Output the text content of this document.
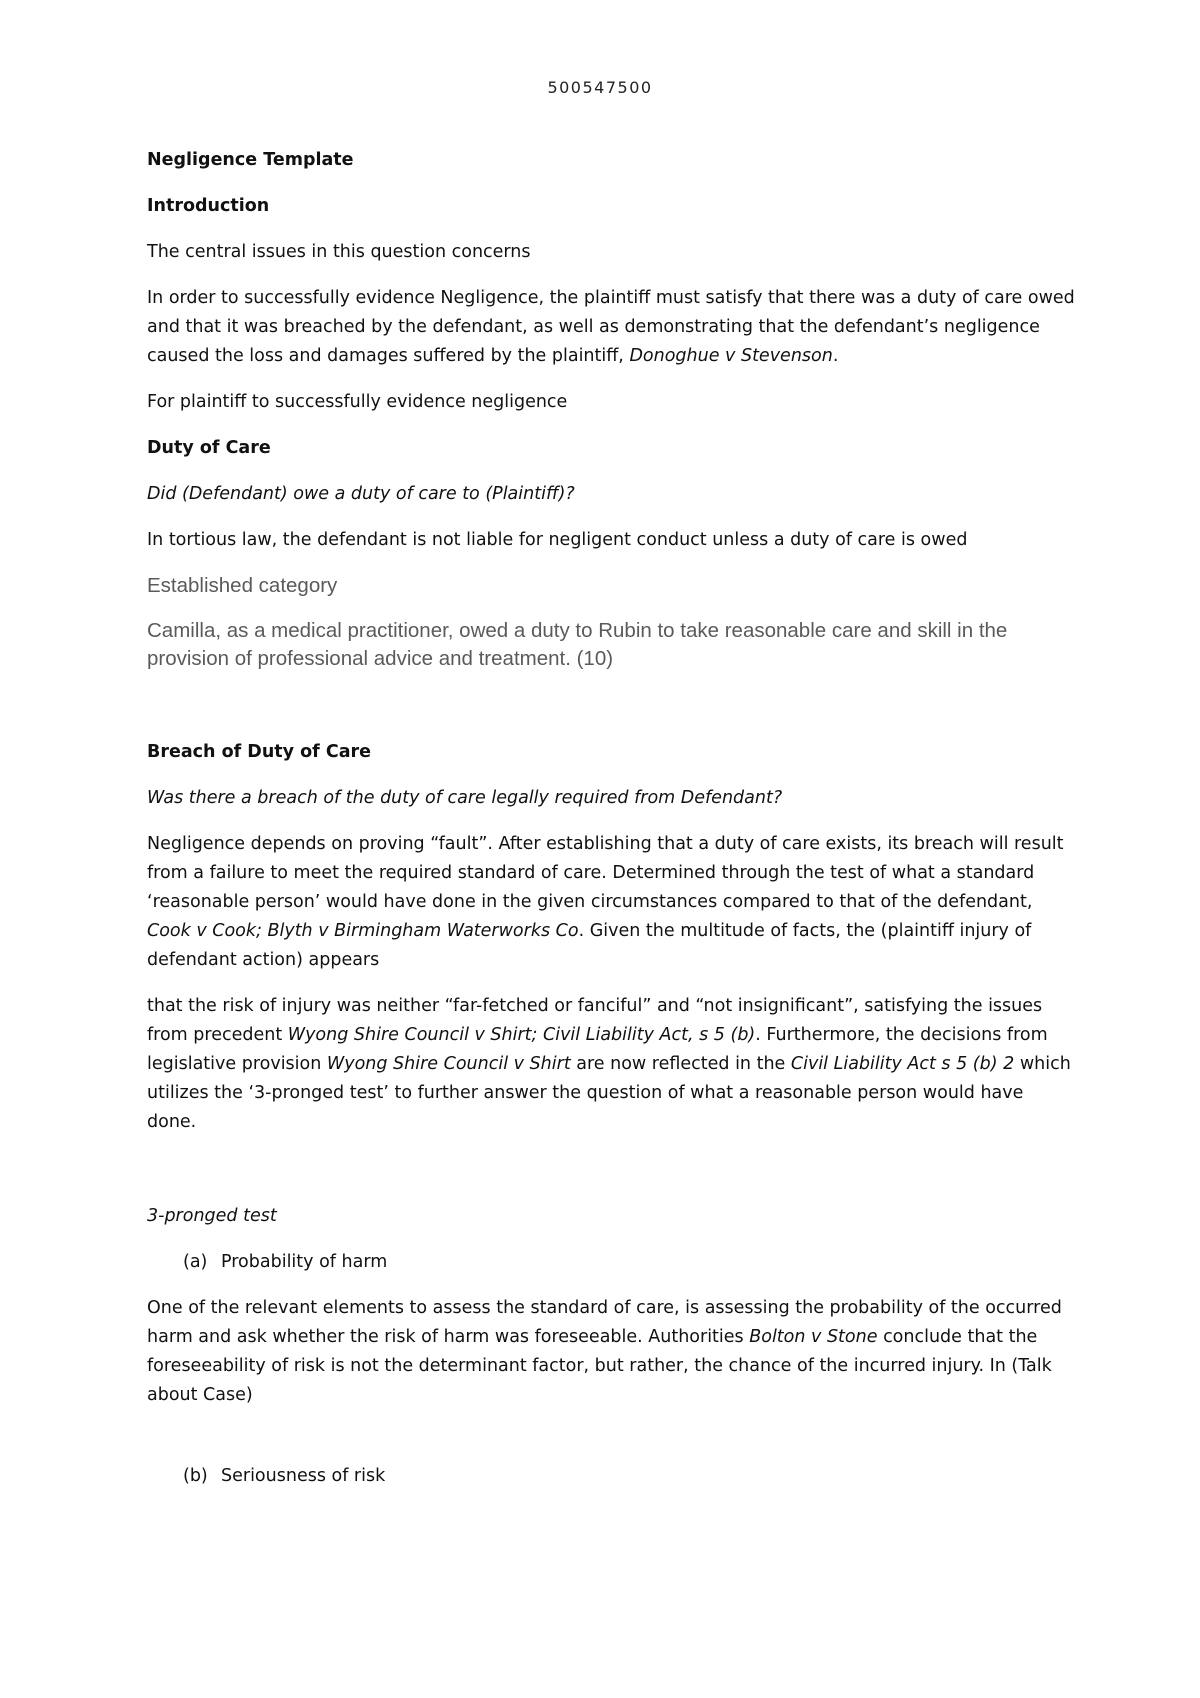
500547500

Negligence Template

Introduction

The central issues in this question concerns

In order to successfully evidence Negligence, the plaintiff must satisfy that there was a duty of care owed and that it was breached by the defendant, as well as demonstrating that the defendant’s negligence caused the loss and damages suffered by the plaintiff, Donoghue v Stevenson.

For plaintiff to successfully evidence negligence

Duty of Care

Did (Defendant) owe a duty of care to (Plaintiff)?

In tortious law, the defendant is not liable for negligent conduct unless a duty of care is owed

Established category

Camilla, as a medical practitioner, owed a duty to Rubin to take reasonable care and skill in the provision of professional advice and treatment. (10)

Breach of Duty of Care

Was there a breach of the duty of care legally required from Defendant?

Negligence depends on proving “fault”. After establishing that a duty of care exists, its breach will result from a failure to meet the required standard of care. Determined through the test of what a standard ‘reasonable person’ would have done in the given circumstances compared to that of the defendant, Cook v Cook; Blyth v Birmingham Waterworks Co. Given the multitude of facts, the (plaintiff injury of defendant action) appears

that the risk of injury was neither “far-fetched or fanciful” and “not insignificant”, satisfying the issues from precedent Wyong Shire Council v Shirt; Civil Liability Act, s 5 (b). Furthermore, the decisions from legislative provision Wyong Shire Council v Shirt are now reflected in the Civil Liability Act s 5 (b) 2 which utilizes the ‘3-pronged test’ to further answer the question of what a reasonable person would have done.

3-pronged test

(a) Probability of harm

One of the relevant elements to assess the standard of care, is assessing the probability of the occurred harm and ask whether the risk of harm was foreseeable. Authorities Bolton v Stone conclude that the foreseeability of risk is not the determinant factor, but rather, the chance of the incurred injury. In (Talk about Case)

(b) Seriousness of risk
